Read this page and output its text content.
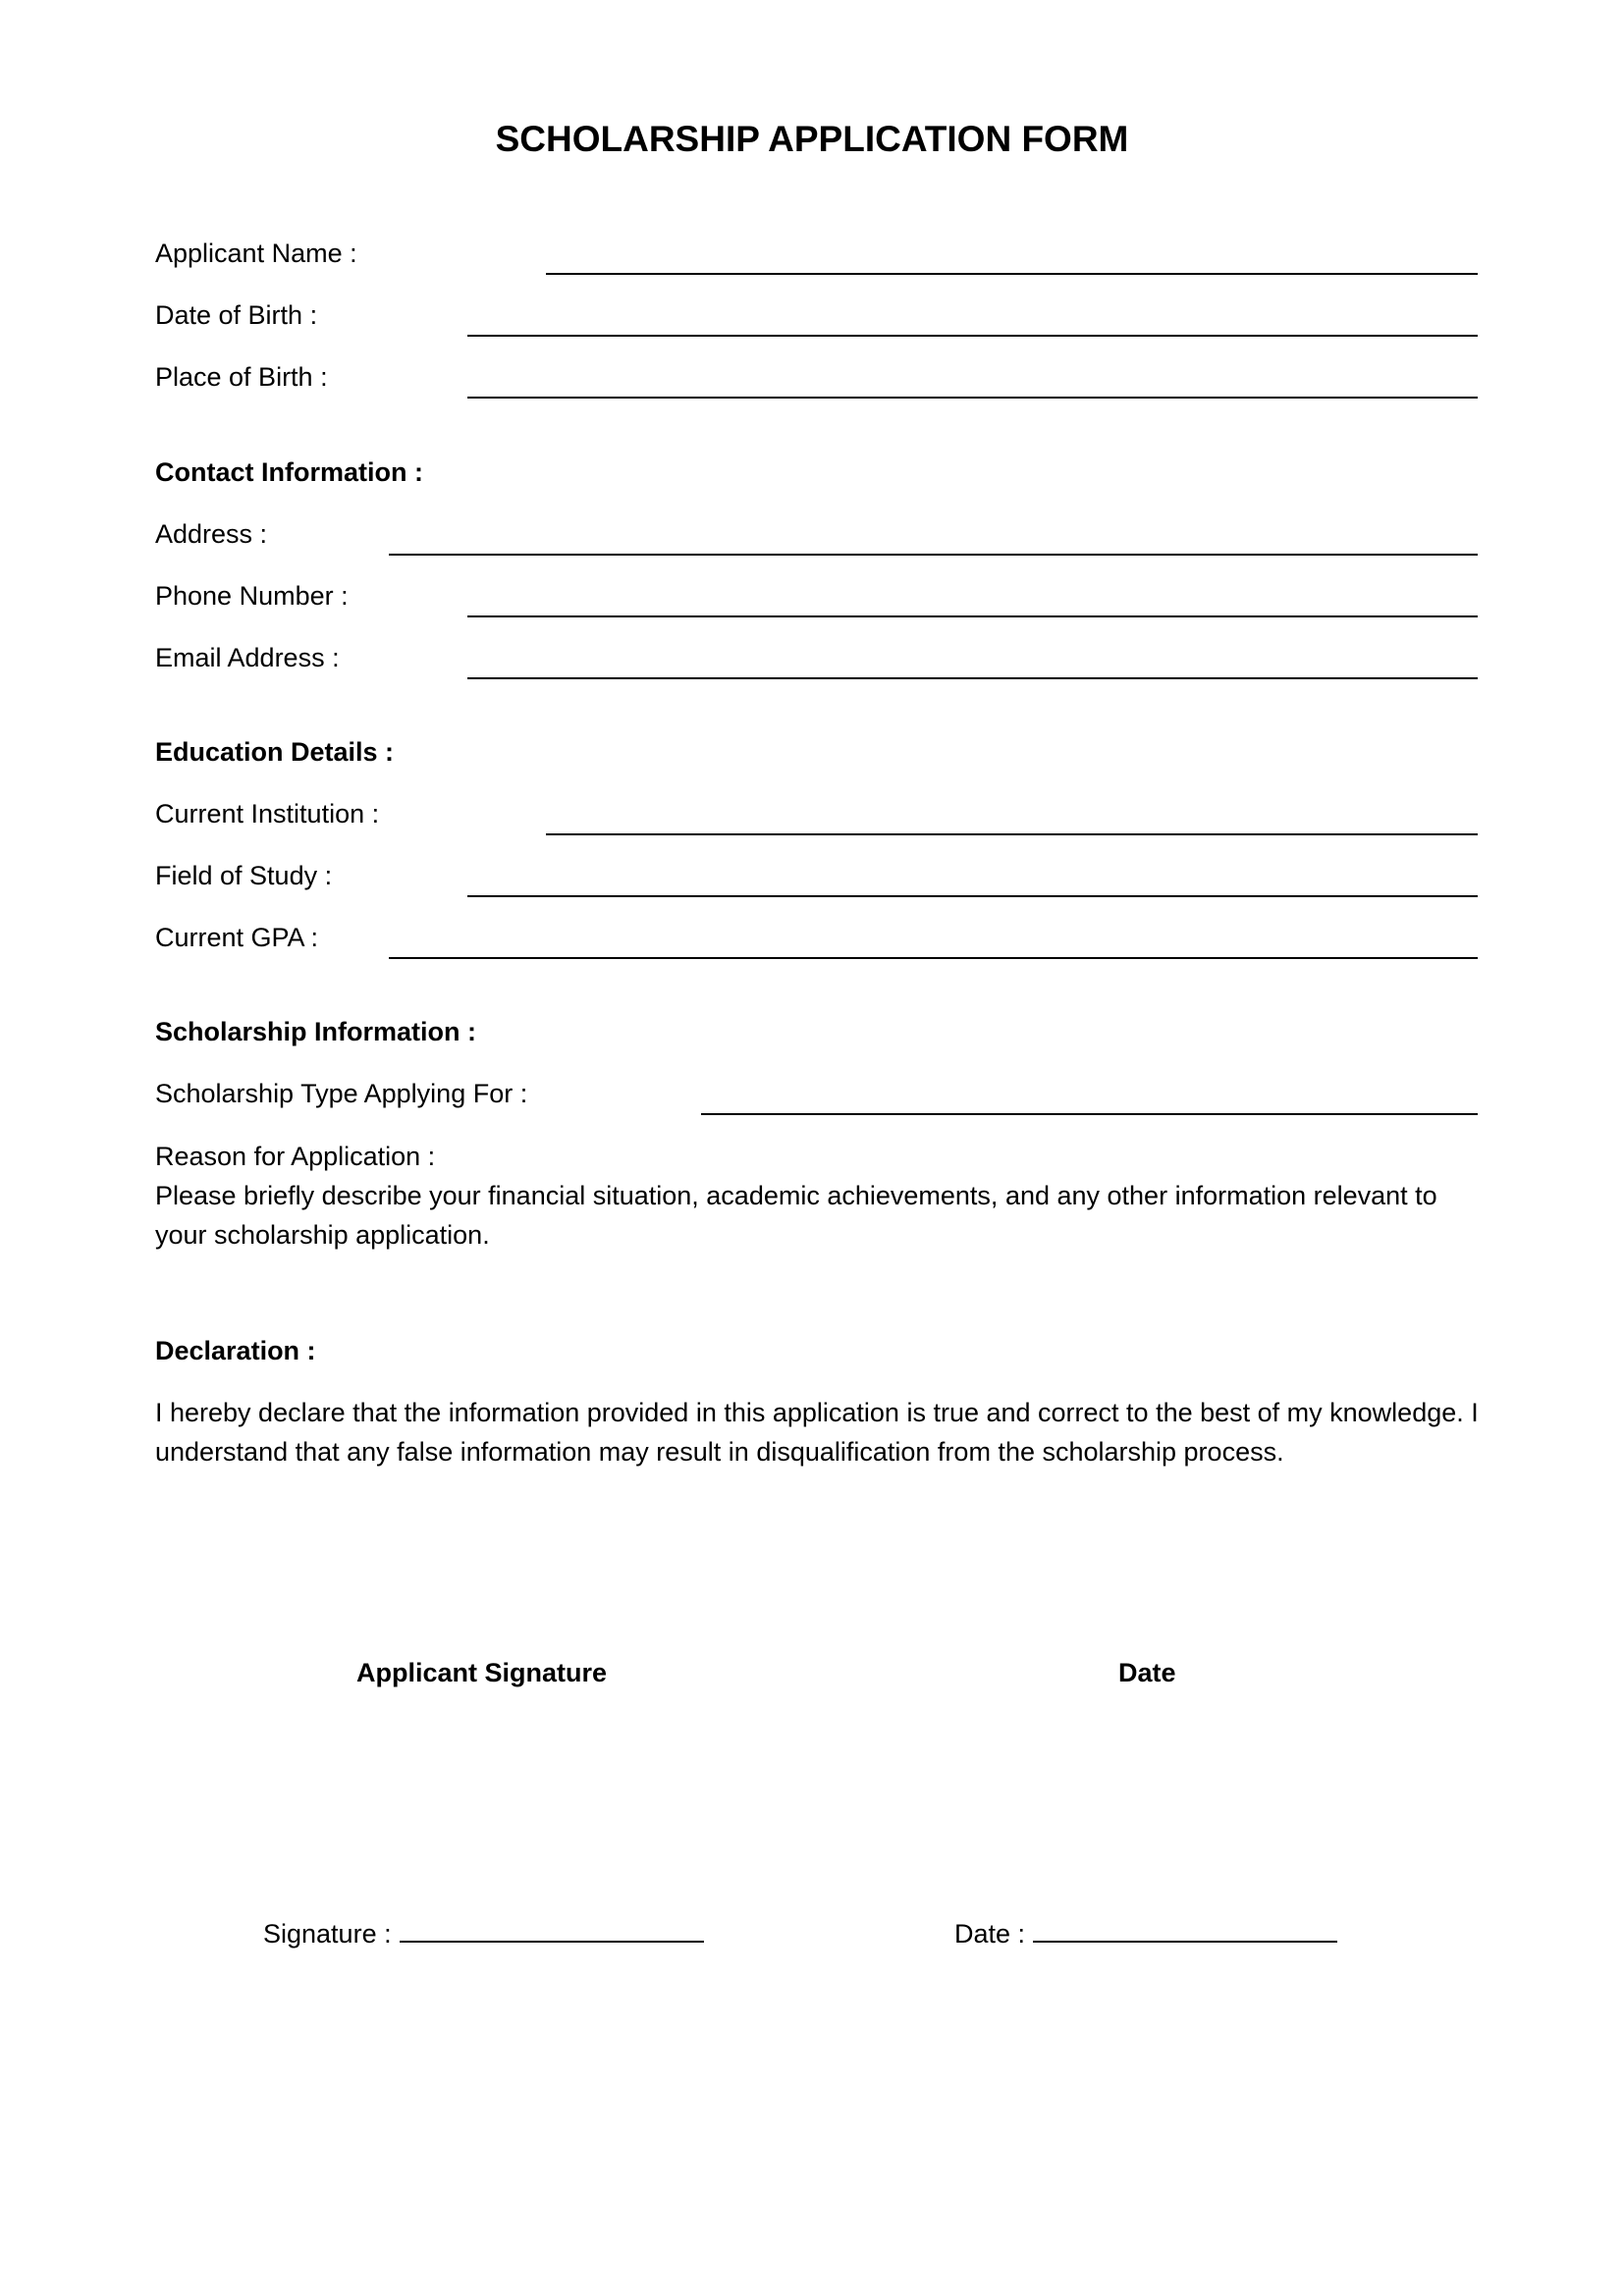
SCHOLARSHIP APPLICATION FORM
Applicant Name :
Date of Birth :
Place of Birth :
Contact Information :
Address :
Phone Number :
Email Address :
Education Details :
Current Institution :
Field of Study :
Current GPA :
Scholarship Information :
Scholarship Type Applying For :
Reason for Application :
Please briefly describe your financial situation, academic achievements, and any other information relevant to your scholarship application.
Declaration :
I hereby declare that the information provided in this application is true and correct to the best of my knowledge. I understand that any false information may result in disqualification from the scholarship process.
Applicant Signature	Date
Signature :	Date :
